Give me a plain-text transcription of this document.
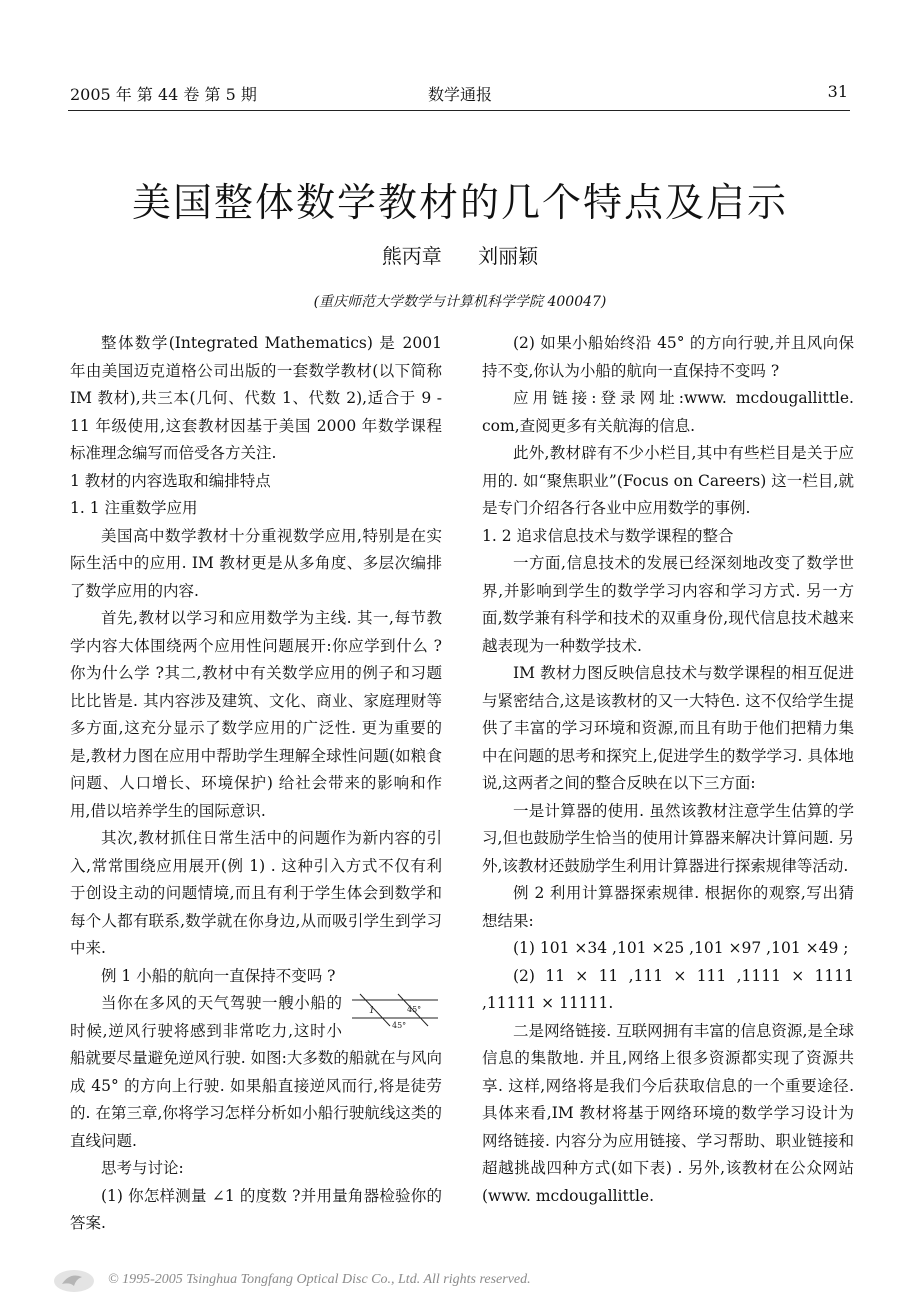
2005 年 第 44 卷 第 5 期	数学通报	31
美国整体数学教材的几个特点及启示
熊丙章 刘丽颖
(重庆师范大学数学与计算机科学学院 400047)

整体数学(Integrated Mathematics) 是 2001 年由美国迈克道格公司出版的一套数学教材(以下简称 IM 教材),共三本(几何、代数 1、代数 2),适合于 9 - 11 年级使用,这套教材因基于美国 2000 年数学课程标准理念编写而倍受各方关注.

1 教材的内容选取和编排特点

1. 1 注重数学应用

美国高中数学教材十分重视数学应用,特别是在实际生活中的应用. IM 教材更是从多角度、多层次编排了数学应用的内容.

首先,教材以学习和应用数学为主线. 其一,每节教学内容大体围绕两个应用性问题展开:你应学到什么 ?你为什么学 ?其二,教材中有关数学应用的例子和习题比比皆是. 其内容涉及建筑、文化、商业、家庭理财等多方面,这充分显示了数学应用的广泛性. 更为重要的是,教材力图在应用中帮助学生理解全球性问题(如粮食问题、人口增长、环境保护) 给社会带来的影响和作用,借以培养学生的国际意识.

其次,教材抓住日常生活中的问题作为新内容的引入,常常围绕应用展开(例 1) . 这种引入方式不仅有利于创设主动的问题情境,而且有利于学生体会到数学和每个人都有联系,数学就在你身边,从而吸引学生到学习中来.

例 1 小船的航向一直保持不变吗 ?

1	45°
45°

当你在多风的天气驾驶一艘小船的时候,逆风行驶将感到非常吃力,这时小船就要尽量避免逆风行驶. 如图:大多数的船就在与风向成 45° 的方向上行驶. 如果船直接逆风而行,将是徒劳的. 在第三章,你将学习怎样分析如小船行驶航线这类的直线问题.

思考与讨论:

(1) 你怎样测量 ∠1 的度数 ?并用量角器检验你的答案.

(2) 如果小船始终沿 45° 的方向行驶,并且风向保持不变,你认为小船的航向一直保持不变吗 ?

应用链接:登录网址:www. mcdougallittle. com,查阅更多有关航海的信息.

此外,教材辟有不少小栏目,其中有些栏目是关于应用的. 如“聚焦职业”(Focus on Careers) 这一栏目,就是专门介绍各行各业中应用数学的事例.

1. 2 追求信息技术与数学课程的整合

一方面,信息技术的发展已经深刻地改变了数学世界,并影响到学生的数学学习内容和学习方式. 另一方面,数学兼有科学和技术的双重身份,现代信息技术越来越表现为一种数学技术.

IM 教材力图反映信息技术与数学课程的相互促进与紧密结合,这是该教材的又一大特色. 这不仅给学生提供了丰富的学习环境和资源,而且有助于他们把精力集中在问题的思考和探究上,促进学生的数学学习. 具体地说,这两者之间的整合反映在以下三方面:

一是计算器的使用. 虽然该教材注意学生估算的学习,但也鼓励学生恰当的使用计算器来解决计算问题. 另外,该教材还鼓励学生利用计算器进行探索规律等活动.

例 2 利用计算器探索规律. 根据你的观察,写出猜想结果:

(1) 101 ×34 ,101 ×25 ,101 ×97 ,101 ×49 ;

(2) 11 × 11 ,111 × 111 ,1111 × 1111 ,11111 × 11111.

二是网络链接. 互联网拥有丰富的信息资源,是全球信息的集散地. 并且,网络上很多资源都实现了资源共享. 这样,网络将是我们今后获取信息的一个重要途径. 具体来看,IM 教材将基于网络环境的数学学习设计为网络链接. 内容分为应用链接、学习帮助、职业链接和超越挑战四种方式(如下表) . 另外,该教材在公众网站(www. mcdougallittle.

© 1995-2005 Tsinghua Tongfang Optical Disc Co., Ltd. All rights reserved.
